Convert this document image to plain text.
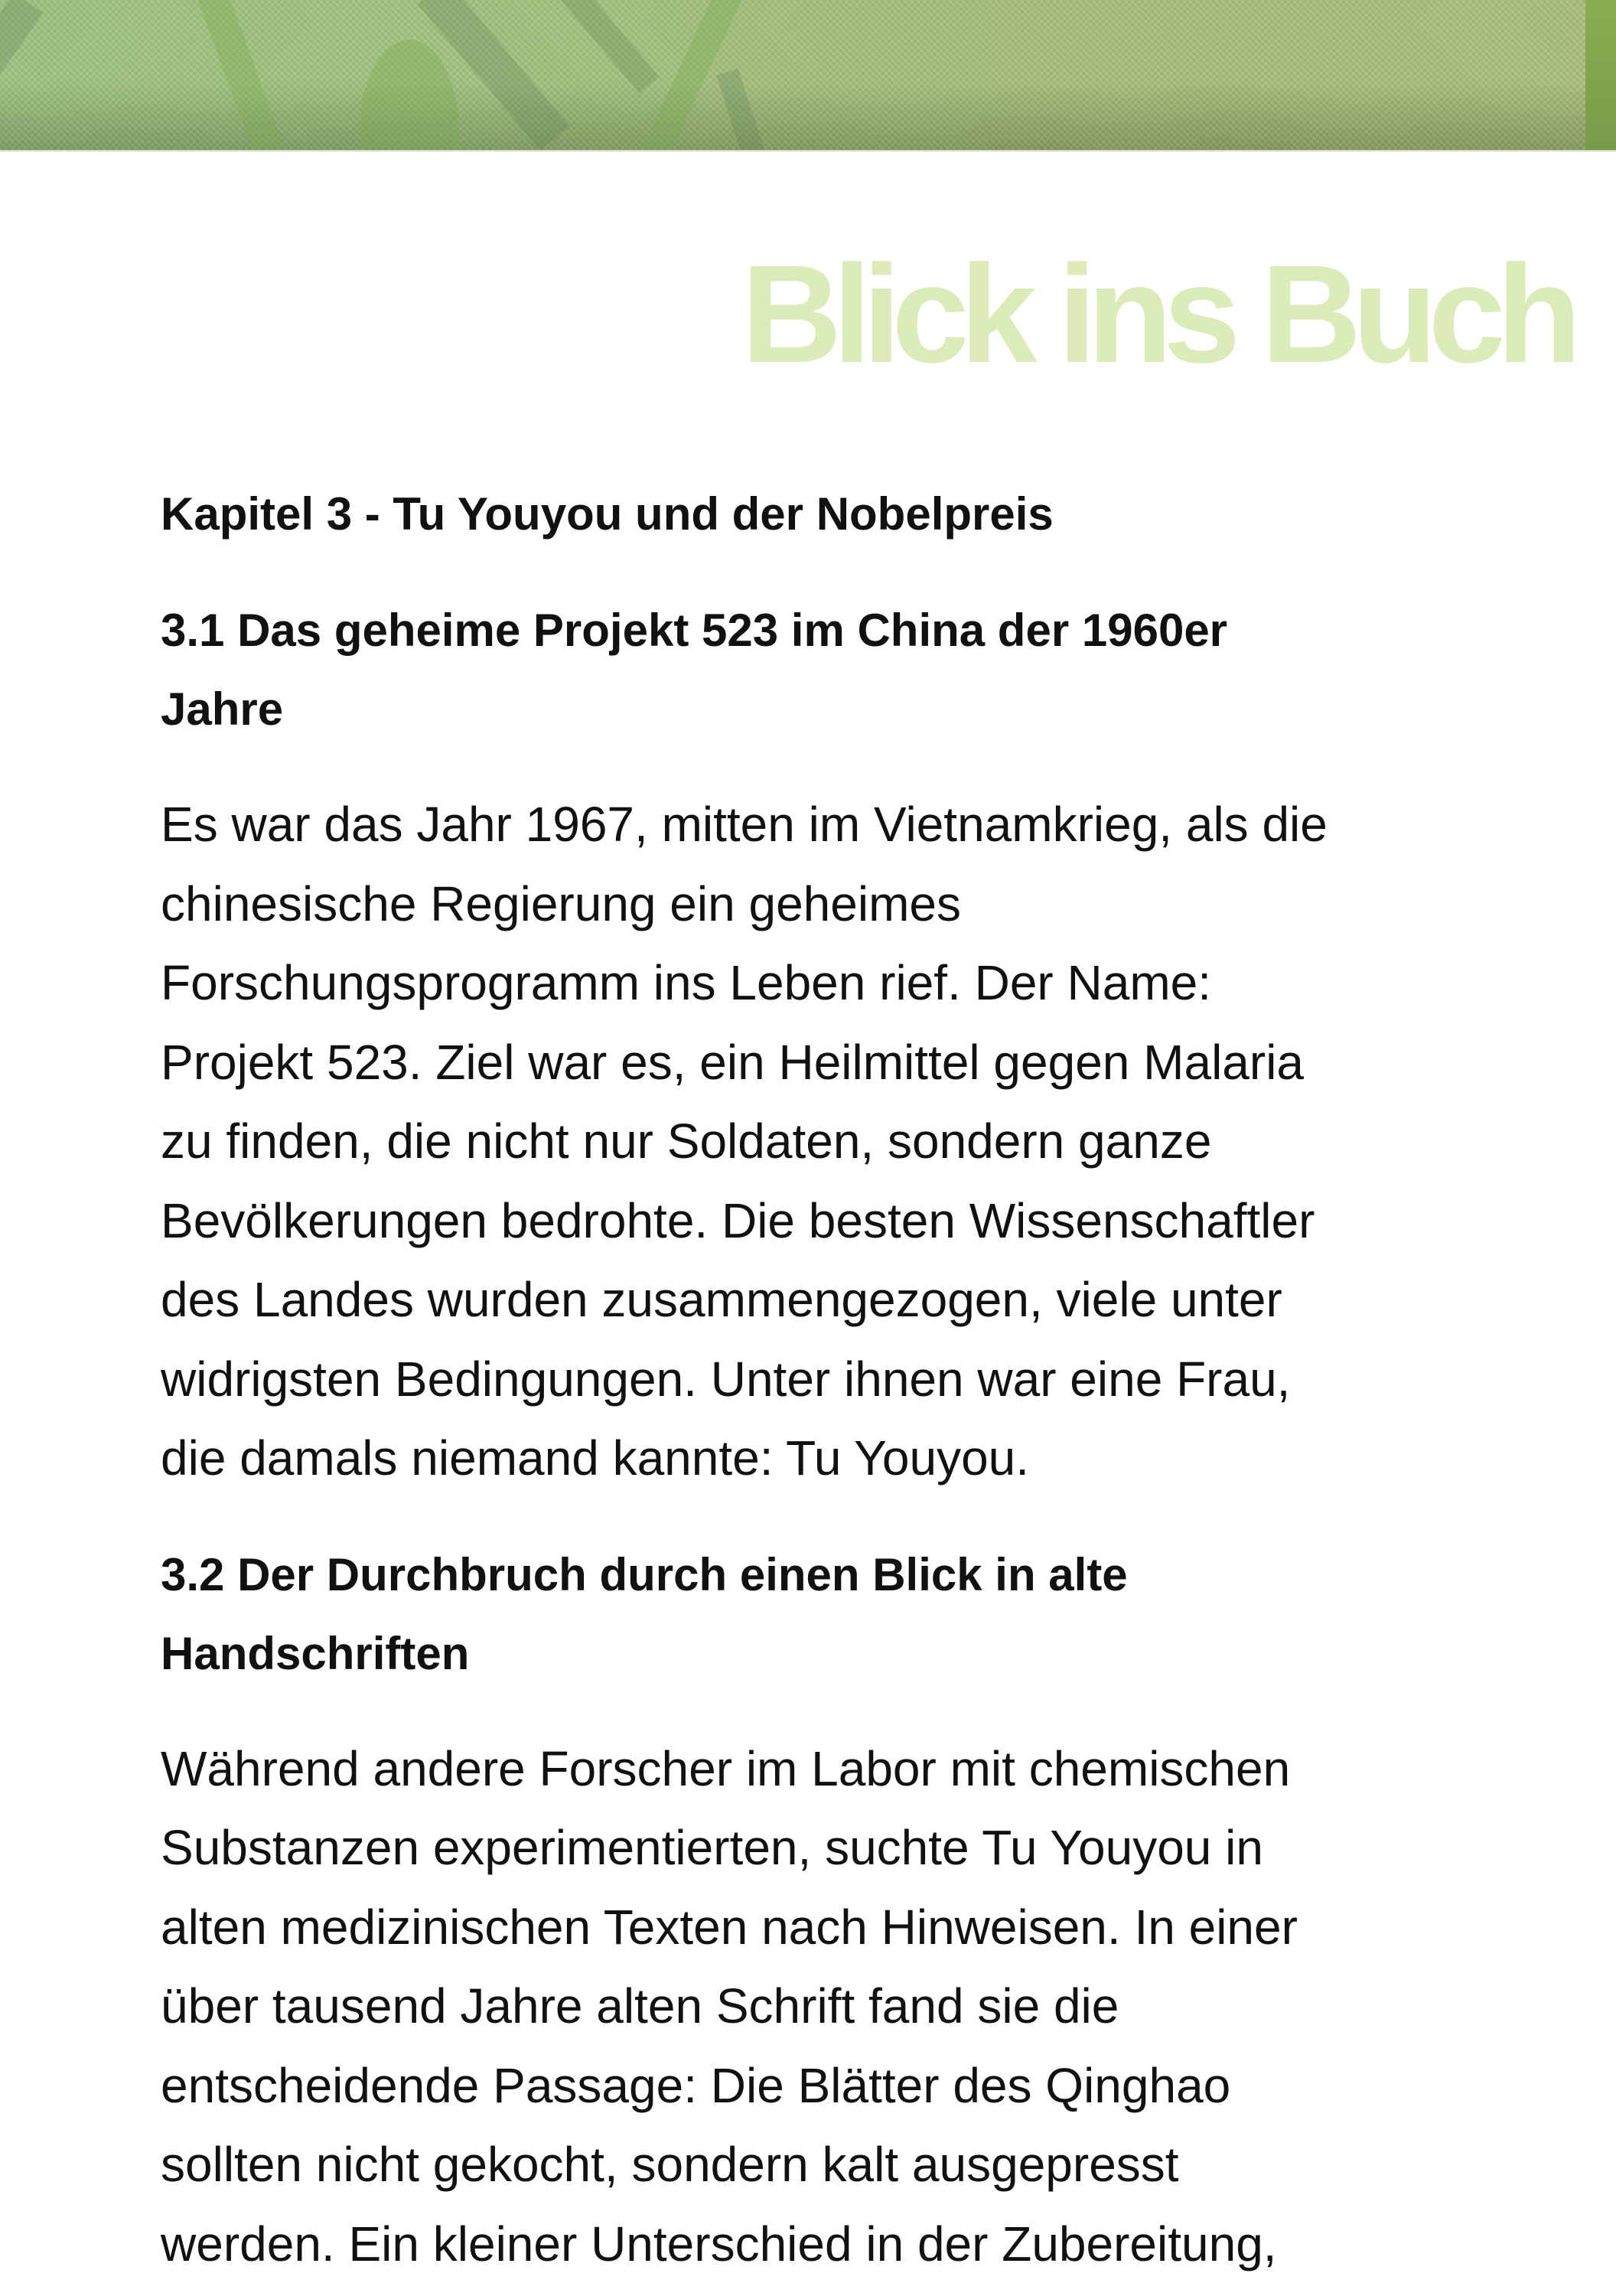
Blick ins Buch
Kapitel 3 - Tu Youyou und der Nobelpreis
3.1 Das geheime Projekt 523 im China der 1960er
Jahre

Es war das Jahr 1967, mitten im Vietnamkrieg, als die
chinesische Regierung ein geheimes
Forschungsprogramm ins Leben rief. Der Name:
Projekt 523. Ziel war es, ein Heilmittel gegen Malaria
zu finden, die nicht nur Soldaten, sondern ganze
Bevölkerungen bedrohte. Die besten Wissenschaftler
des Landes wurden zusammengezogen, viele unter
widrigsten Bedingungen. Unter ihnen war eine Frau,
die damals niemand kannte: Tu Youyou.

3.2 Der Durchbruch durch einen Blick in alte
Handschriften

Während andere Forscher im Labor mit chemischen
Substanzen experimentierten, suchte Tu Youyou in
alten medizinischen Texten nach Hinweisen. In einer
über tausend Jahre alten Schrift fand sie die
entscheidende Passage: Die Blätter des Qinghao
sollten nicht gekocht, sondern kalt ausgepresst
werden. Ein kleiner Unterschied in der Zubereitung,
